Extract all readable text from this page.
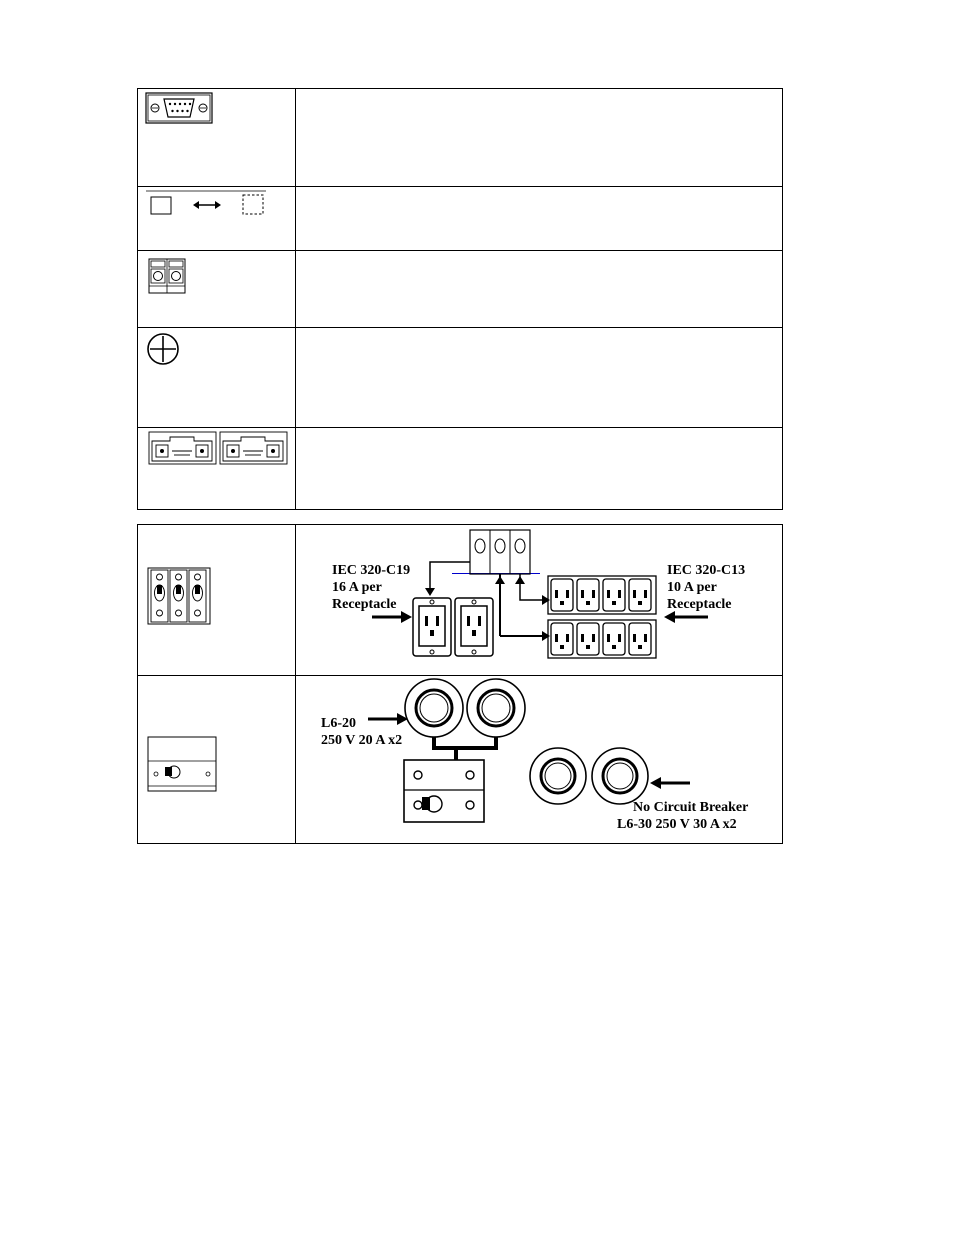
IEC 320-C19
16 A per
Receptacle
IEC 320-C13
10 A per
Receptacle
L6-20
250 V 20 A x2
No Circuit Breaker
L6-30 250 V 30 A x2
